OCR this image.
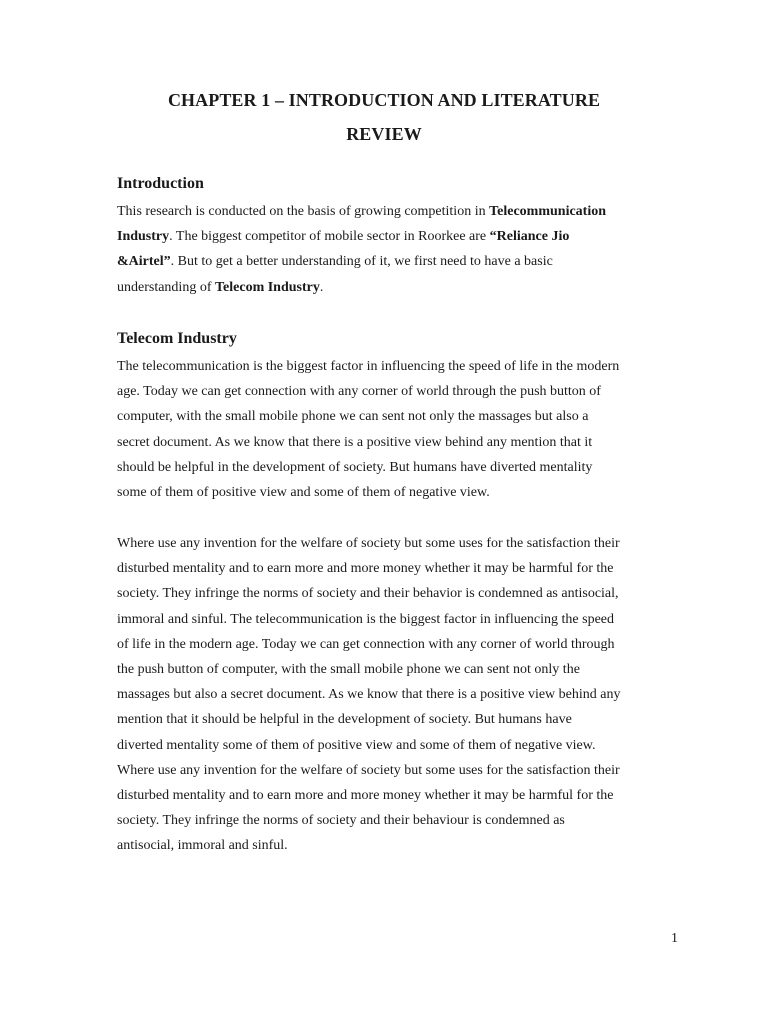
CHAPTER 1 – INTRODUCTION AND LITERATURE
REVIEW
Introduction
This research is conducted on the basis of growing competition in Telecommunication
Industry. The biggest competitor of mobile sector in Roorkee are “Reliance Jio
&Airtel”. But to get a better understanding of it, we first need to have a basic
understanding of Telecom Industry.
Telecom Industry
The telecommunication is the biggest factor in influencing the speed of life in the modern
age. Today we can get connection with any corner of world through the push button of
computer, with the small mobile phone we can sent not only the massages but also a
secret document. As we know that there is a positive view behind any mention that it
should be helpful in the development of society. But humans have diverted mentality
some of them of positive view and some of them of negative view.
Where use any invention for the welfare of society but some uses for the satisfaction their
disturbed mentality and to earn more and more money whether it may be harmful for the
society. They infringe the norms of society and their behavior is condemned as antisocial,
immoral and sinful. The telecommunication is the biggest factor in influencing the speed
of life in the modern age. Today we can get connection with any corner of world through
the push button of computer, with the small mobile phone we can sent not only the
massages but also a secret document. As we know that there is a positive view behind any
mention that it should be helpful in the development of society. But humans have
diverted mentality some of them of positive view and some of them of negative view.
Where use any invention for the welfare of society but some uses for the satisfaction their
disturbed mentality and to earn more and more money whether it may be harmful for the
society. They infringe the norms of society and their behaviour is condemned as
antisocial, immoral and sinful.
1
